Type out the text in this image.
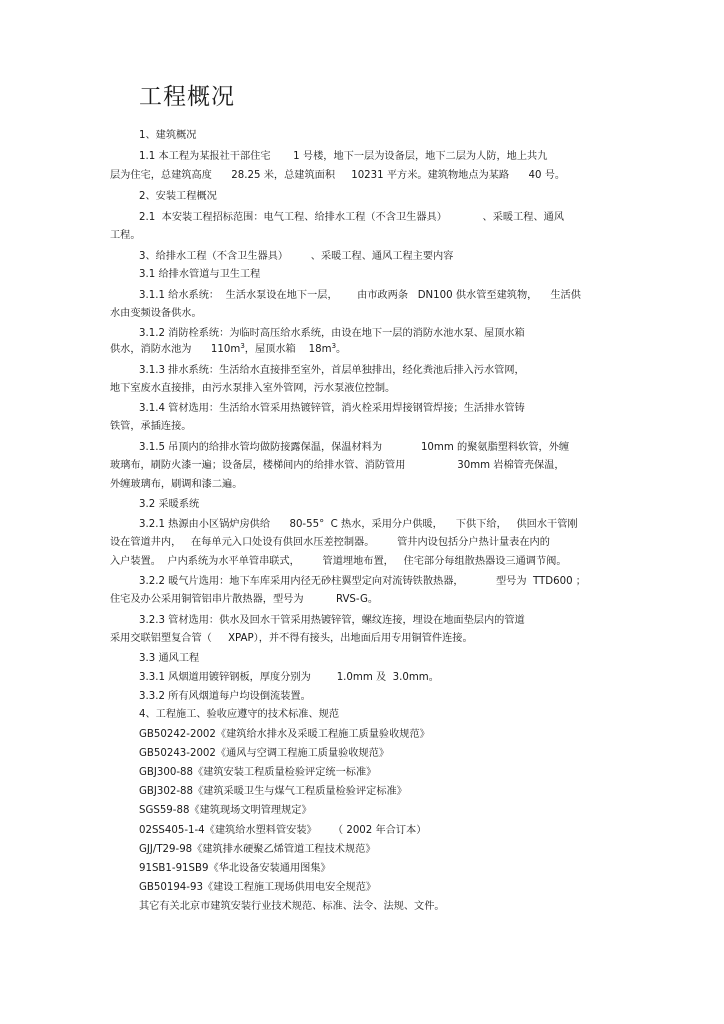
工程概况

1、建筑概况

1.1 本工程为某报社干部住宅       1 号楼，地下一层为设备层，地下二层为人防，地上共九

层为住宅，总建筑高度      28.25 米，总建筑面积     10231 平方米。建筑物地点为某路      40 号。

2、安装工程概况

2.1  本安装工程招标范围：电气工程、给排水工程（不含卫生器具）           、采暖工程、通风

工程。

3、给排水工程（不含卫生器具）       、采暖工程、通风工程主要内容

3.1 给排水管道与卫生工程

3.1.1 给水系统：  生活水泵设在地下一层，      由市政两条   DN100 供水管至建筑物，    生活供

水由变频设备供水。

3.1.2 消防栓系统：为临时高压给水系统，由设在地下一层的消防水池水泵、屋顶水箱

供水，消防水池为      $110m^3$，屋顶水箱    $18m^3$。

3.1.3 排水系统：生活给水直接排至室外，首层单独排出，经化粪池后排入污水管网，

地下室废水直接排，由污水泵排入室外管网，污水泵液位控制。

3.1.4 管材选用：生活给水管采用热镀锌管，消火栓采用焊接钢管焊接；生活排水管铸

铁管，承插连接。

3.1.5 吊顶内的给排水管均做防接露保温，保温材料为            10mm 的聚氨脂塑料软管，外缠

玻璃布，刷防火漆一遍；设备层，楼梯间内的给排水管、消防管用                30mm 岩棉管壳保温，

外缠玻璃布，刷调和漆二遍。

3.2 采暖系统

3.2.1 热源由小区锅炉房供给      80-55°  C 热水，采用分户供暖，    下供下给，   供回水干管刚

设在管道井内，   在每单元入口处设有供回水压差控制器。       管井内设包括分户热计量表在内的

入户装置。  户内系统为水平单管串联式，       管道埋地布置，   住宅部分每组散热器设三通调节阀。

3.2.2 暖气片选用：地下车库采用内径无砂柱翼型定向对流铸铁散热器，          型号为  TTD600 ；

住宅及办公采用铜管铝串片散热器，型号为          RVS-G。

3.2.3 管材选用：供水及回水干管采用热镀锌管，螺纹连接，埋设在地面垫层内的管道

采用交联铝塑复合管（     XPAP），并不得有接头，出地面后用专用铜管件连接。

3.3 通风工程

3.3.1 风烟道用镀锌钢板，厚度分别为        1.0mm 及  3.0mm。

3.3.2 所有风烟道每户均设倒流装置。

4、工程施工、验收应遵守的技术标准、规范

GB50242-2002《建筑给水排水及采暖工程施工质量验收规范》

GB50243-2002《通风与空调工程施工质量验收规范》

GBJ300-88《建筑安装工程质量检验评定统一标准》

GBJ302-88《建筑采暖卫生与煤气工程质量检验评定标准》

SGS59-88《建筑现场文明管理规定》

02SS405-1-4《建筑给水塑料管安装》     （ 2002 年合订本）

GJJ/T29-98《建筑排水硬聚乙烯管道工程技术规范》

91SB1-91SB9《华北设备安装通用图集》

GB50194-93《建设工程施工现场供用电安全规范》

其它有关北京市建筑安装行业技术规范、标准、法令、法规、文件。
